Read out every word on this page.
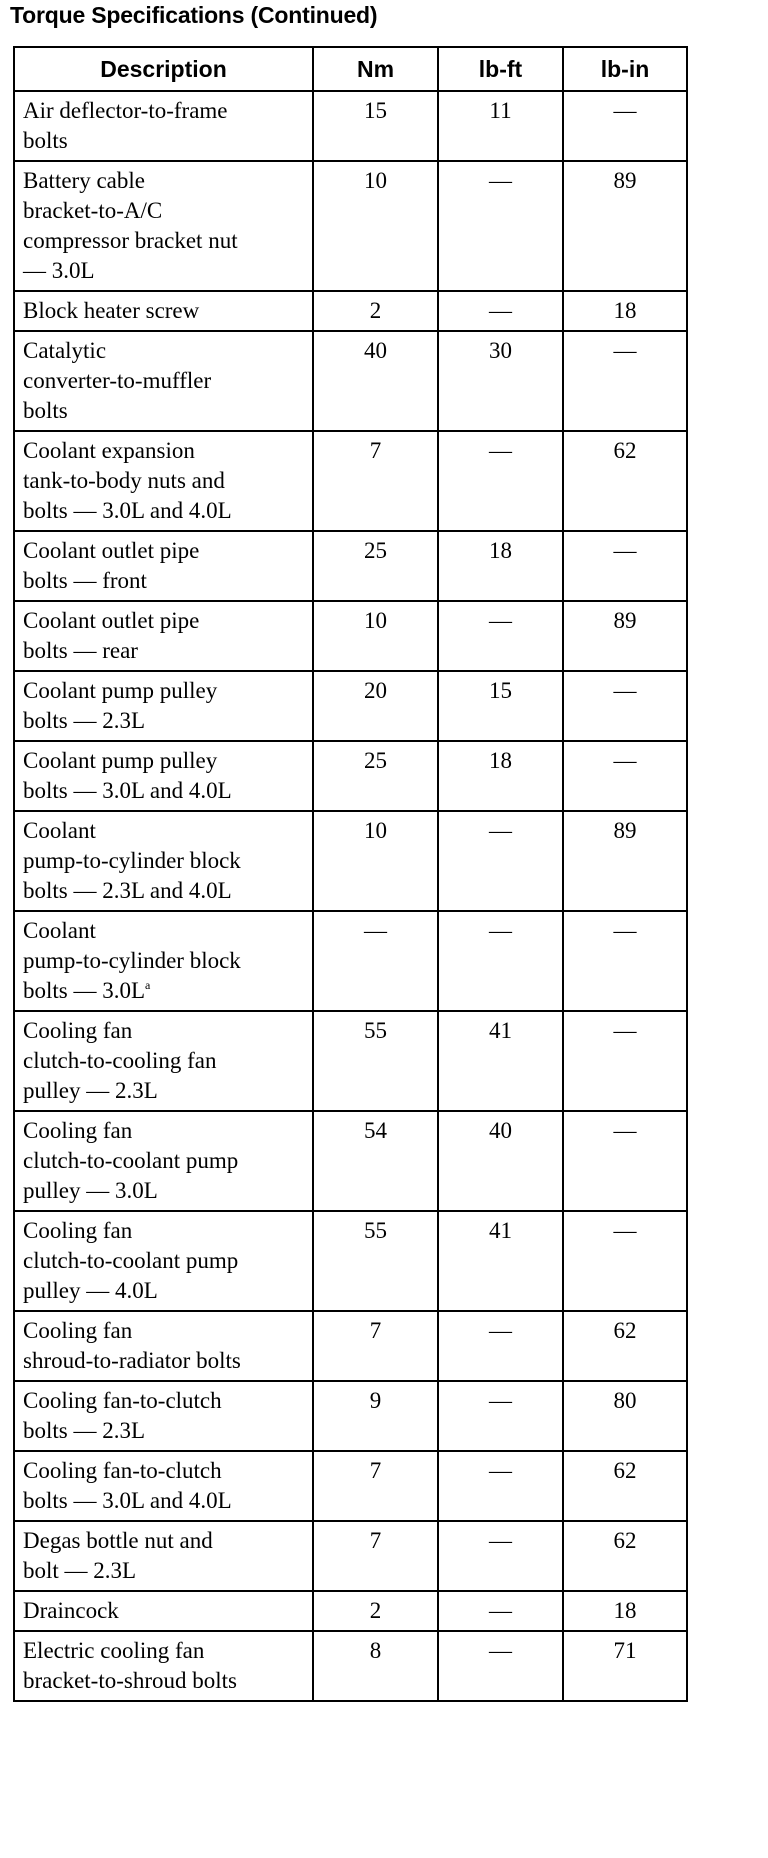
Torque Specifications (Continued)
Description	Nm	lb-ft	lb-in

Air deflector-to-frame
bolts	15	11	—

Battery cable
bracket-to-A/C
compressor bracket nut
— 3.0L	10	—	89

Block heater screw	2	—	18

Catalytic
converter-to-muffler
bolts	40	30	—

Coolant expansion
tank-to-body nuts and
bolts — 3.0L and 4.0L	7	—	62

Coolant outlet pipe
bolts — front	25	18	—

Coolant outlet pipe
bolts — rear	10	—	89

Coolant pump pulley
bolts — 2.3L	20	15	—

Coolant pump pulley
bolts — 3.0L and 4.0L	25	18	—

Coolant
pump-to-cylinder block
bolts — 2.3L and 4.0L	10	—	89

Coolant
pump-to-cylinder block
bolts — 3.0L$^a$	—	—	—

Cooling fan
clutch-to-cooling fan
pulley — 2.3L	55	41	—

Cooling fan
clutch-to-coolant pump
pulley — 3.0L	54	40	—

Cooling fan
clutch-to-coolant pump
pulley — 4.0L	55	41	—

Cooling fan
shroud-to-radiator bolts	7	—	62

Cooling fan-to-clutch
bolts — 2.3L	9	—	80

Cooling fan-to-clutch
bolts — 3.0L and 4.0L	7	—	62

Degas bottle nut and
bolt — 2.3L	7	—	62

Draincock	2	—	18

Electric cooling fan
bracket-to-shroud bolts	8	—	71
